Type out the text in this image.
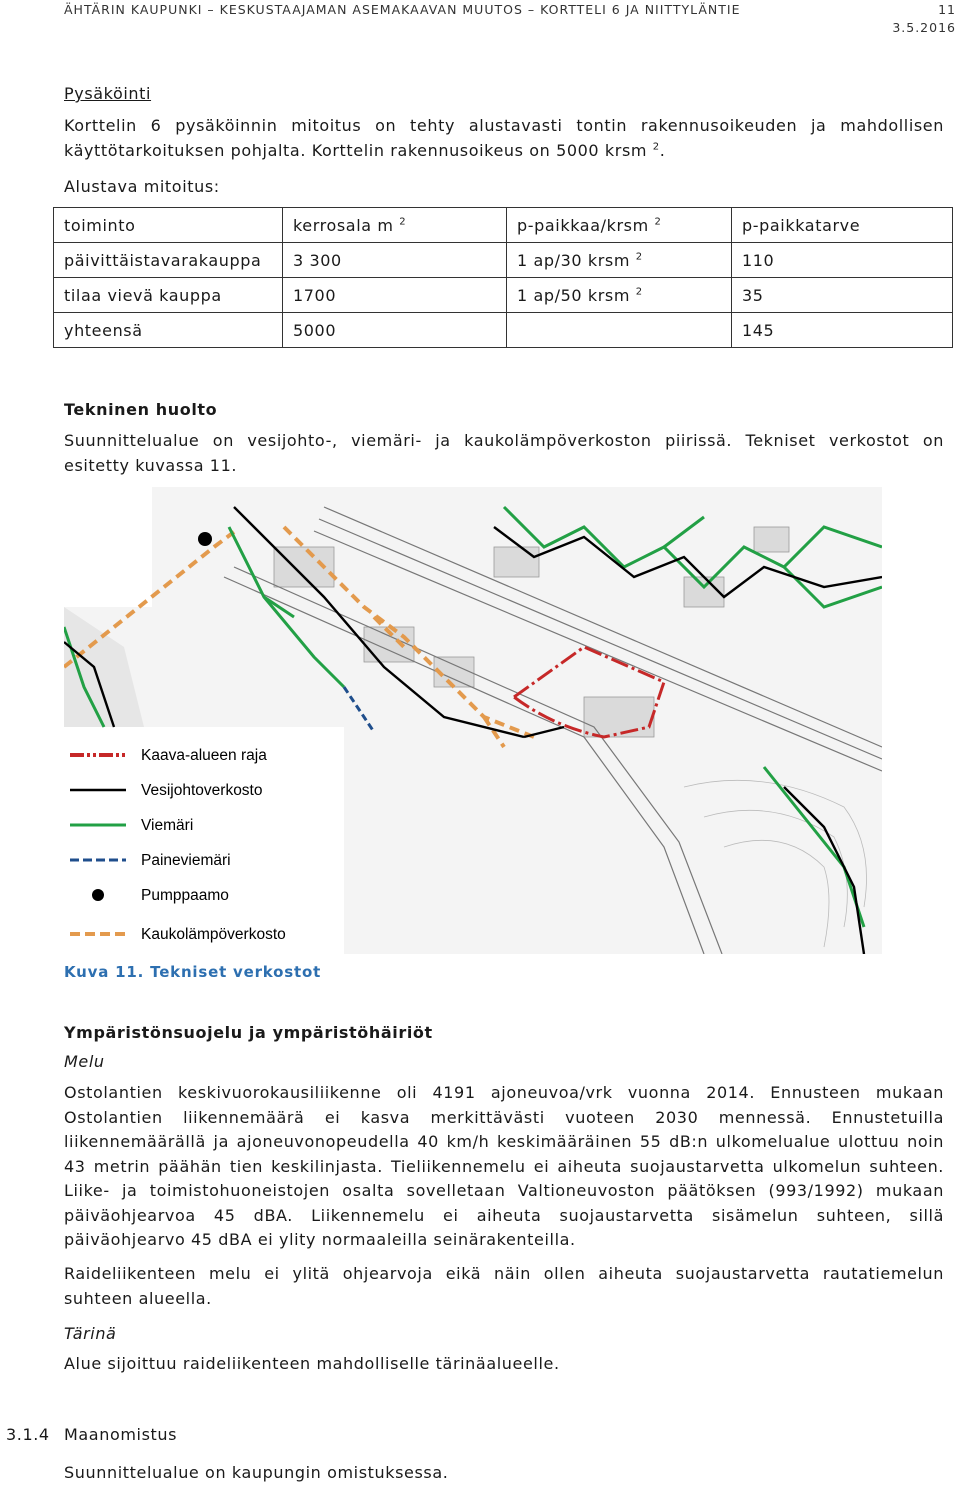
ÄHTÄRIN KAUPUNKI – KESKUSTAAJAMAN ASEMAKAAVAN MUUTOS – KORTTELI 6 JA NIITTYLÄNTIE	11
3.5.2016
Pysäköinti
Korttelin 6 pysäköinnin mitoitus on tehty alustavasti tontin rakennusoikeuden ja mahdollisen käyttötarkoituksen pohjalta. Korttelin rakennusoikeus on 5000 krsm $^2$.
Alustava mitoitus:
toiminto	kerrosala m $^2$	p-paikkaa/krsm $^2$	p-paikkatarve
päivittäistavarakauppa	3 300	1 ap/30 krsm $^2$	110
tilaa vievä kauppa	1700	1 ap/50 krsm $^2$	35
yhteensä	5000		145
Tekninen huolto
Suunnittelualue on vesijohto-, viemäri- ja kaukolämpöverkoston piirissä. Tekniset verkostot on esitetty kuvassa 11.
Kaava-alueen raja
Vesijohtoverkosto
Viemäri
Paineviemäri
Pumppaamo
Kaukolämpöverkosto
Kuva 11. Tekniset verkostot
Ympäristönsuojelu ja ympäristöhäiriöt
Melu
Ostolantien keskivuorokausiliikenne oli 4191 ajoneuvoa/vrk vuonna 2014. Ennusteen mukaan Ostolantien liikennemäärä ei kasva merkittävästi vuoteen 2030 mennessä. Ennustetuilla liikennemäärällä ja ajoneuvonopeudella 40 km/h keskimääräinen 55 dB:n ulkomelualue ulottuu noin 43 metrin päähän tien keskilinjasta. Tieliikennemelu ei aiheuta suojaustarvetta ulkomelun suhteen. Liike- ja toimistohuoneistojen osalta sovelletaan Valtioneuvoston päätöksen (993/1992) mukaan päiväohjearvoa 45 dBA. Liikennemelu ei aiheuta suojaustarvetta sisämelun suhteen, sillä päiväohjearvo 45 dBA ei ylity normaaleilla seinärakenteilla.
Raideliikenteen melu ei ylitä ohjearvoja eikä näin ollen aiheuta suojaustarvetta rautatiemelun suhteen alueella.
Tärinä
Alue sijoittuu raideliikenteen mahdolliselle tärinäalueelle.
3.1.4 Maanomistus
Suunnittelualue on kaupungin omistuksessa.
